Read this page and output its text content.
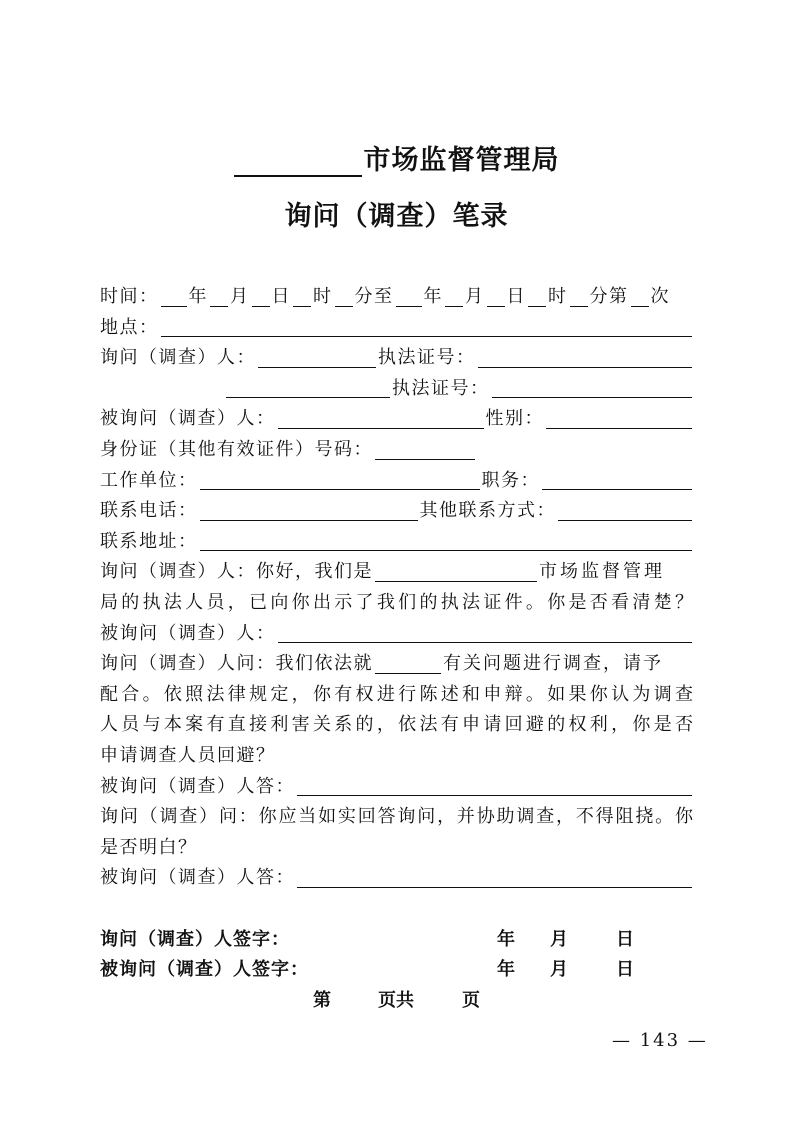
市场监督管理局
询问（调查）笔录
时间： 年 月 日 时 分至 年 月 日 时 分第 次
地点：
询问（调查）人：	执法证号：
执法证号：
被询问（调查）人：	性别：
身份证（其他有效证件）号码：
工作单位：	职务：
联系电话：	其他联系方式：
联系地址：
询问（调查）人：你好，我们是	市场监督管理
局的执法人员，已向你出示了我们的执法证件。你是否看清楚？
被询问（调查）人：
询问（调查）人问：我们依法就	有关问题进行调查，请予
配合。依照法律规定，你有权进行陈述和申辩。如果你认为调查
人员与本案有直接利害关系的，依法有申请回避的权利，你是否
申请调查人员回避？
被询问（调查）人答：
询问（调查）问：你应当如实回答询问，并协助调查，不得阻挠。你
是否明白？
被询问（调查）人答：
询问（调查）人签字：	年 月	日
被询问（调查）人签字：	年 月	日
第	页共	页
— 143 —
